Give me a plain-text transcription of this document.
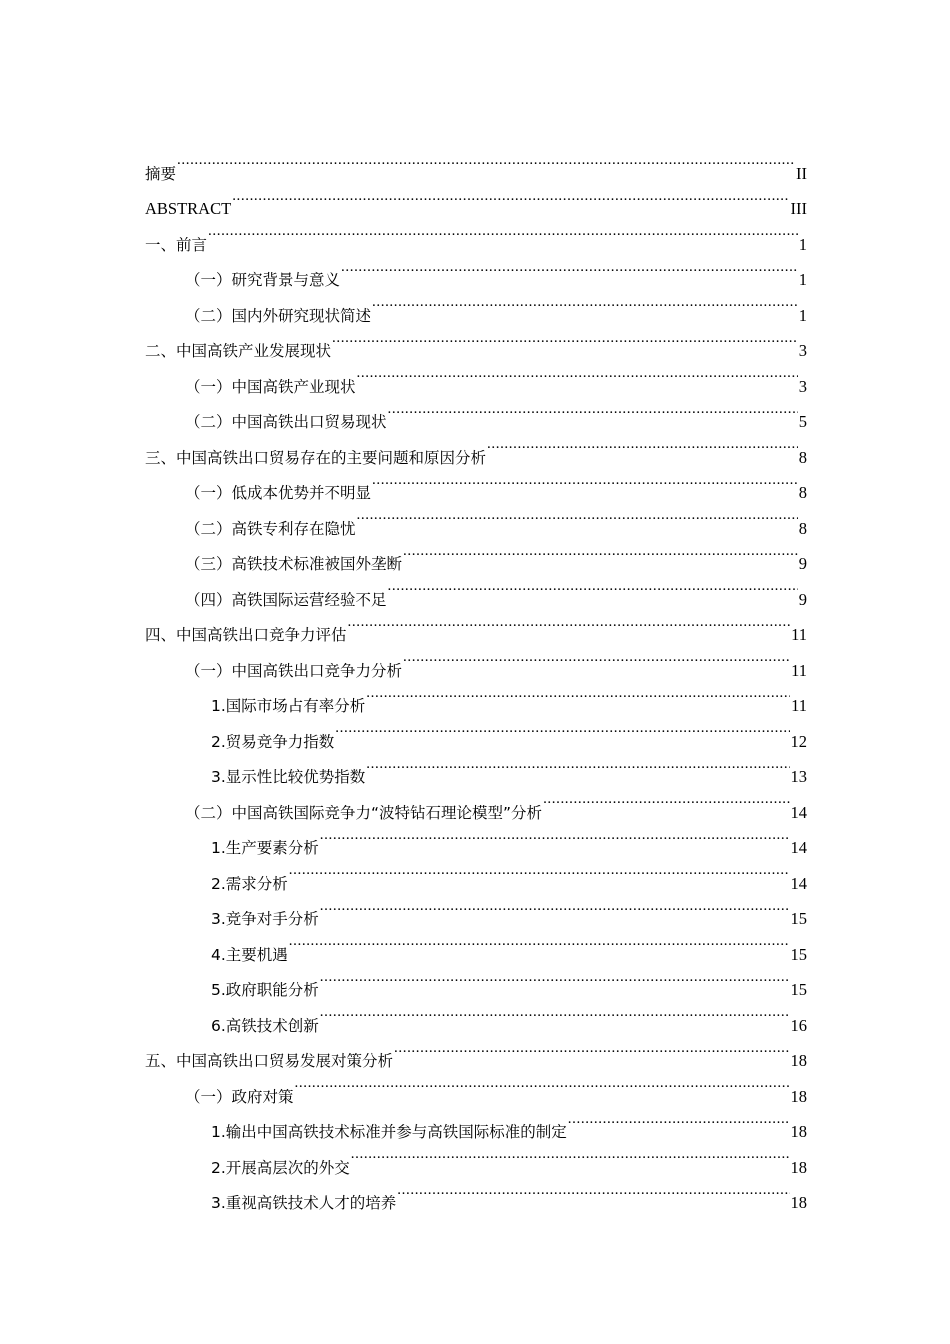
摘要 .....	II
ABSTRACT .....	III
一、前言 .....	1
（一）研究背景与意义 .....	1
（二）国内外研究现状简述 .....	1
二、中国高铁产业发展现状 .....	3
（一）中国高铁产业现状 .....	3
（二）中国高铁出口贸易现状 .....	5
三、中国高铁出口贸易存在的主要问题和原因分析 .....	8
（一）低成本优势并不明显 .....	8
（二）高铁专利存在隐忧 .....	8
（三）高铁技术标准被国外垄断 .....	9
（四）高铁国际运营经验不足 .....	9
四、中国高铁出口竞争力评估 .....	11
（一）中国高铁出口竞争力分析 .....	11
1.国际市场占有率分析 .....	11
2.贸易竞争力指数 .....	12
3.显示性比较优势指数 .....	13
（二）中国高铁国际竞争力“波特钻石理论模型”分析 .....	14
1.生产要素分析 .....	14
2.需求分析 .....	14
3.竞争对手分析 .....	15
4.主要机遇 .....	15
5.政府职能分析 .....	15
6.高铁技术创新 .....	16
五、中国高铁出口贸易发展对策分析 .....	18
（一）政府对策 .....	18
1.输出中国高铁技术标准并参与高铁国际标准的制定 .....	18
2.开展高层次的外交 .....	18
3.重视高铁技术人才的培养 .....	18
